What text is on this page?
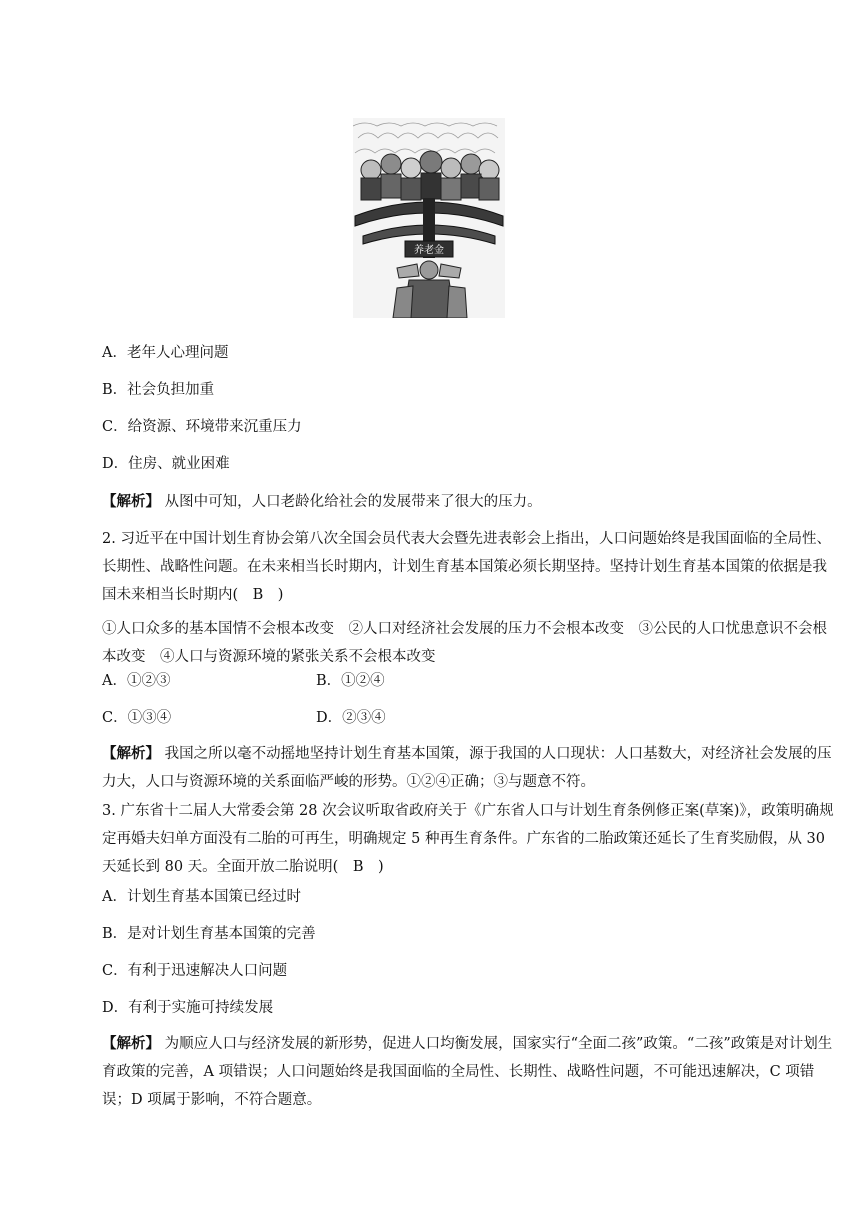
养老金
A．老年人心理问题
B．社会负担加重
C．给资源、环境带来沉重压力
D．住房、就业困难
【解析】 从图中可知，人口老龄化给社会的发展带来了很大的压力。
2. 习近平在中国计划生育协会第八次全国会员代表大会暨先进表彰会上指出，人口问题始终是我国面临的全局性、长期性、战略性问题。在未来相当长时期内，计划生育基本国策必须长期坚持。坚持计划生育基本国策的依据是我国未来相当长时期内(　B　)
①人口众多的基本国情不会根本改变　②人口对经济社会发展的压力不会根本改变　③公民的人口忧患意识不会根本改变　④人口与资源环境的紧张关系不会根本改变
A．①②③	B．①②④
C．①③④	D．②③④
【解析】 我国之所以毫不动摇地坚持计划生育基本国策，源于我国的人口现状：人口基数大，对经济社会发展的压力大，人口与资源环境的关系面临严峻的形势。①②④正确；③与题意不符。
3. 广东省十二届人大常委会第 28 次会议听取省政府关于《广东省人口与计划生育条例修正案(草案)》，政策明确规定再婚夫妇单方面没有二胎的可再生，明确规定 5 种再生育条件。广东省的二胎政策还延长了生育奖励假，从 30 天延长到 80 天。全面开放二胎说明(　B　)
A．计划生育基本国策已经过时
B．是对计划生育基本国策的完善
C．有利于迅速解决人口问题
D．有利于实施可持续发展
【解析】 为顺应人口与经济发展的新形势，促进人口均衡发展，国家实行“全面二孩”政策。“二孩”政策是对计划生育政策的完善，A 项错误；人口问题始终是我国面临的全局性、长期性、战略性问题，不可能迅速解决，C 项错误；D 项属于影响，不符合题意。
